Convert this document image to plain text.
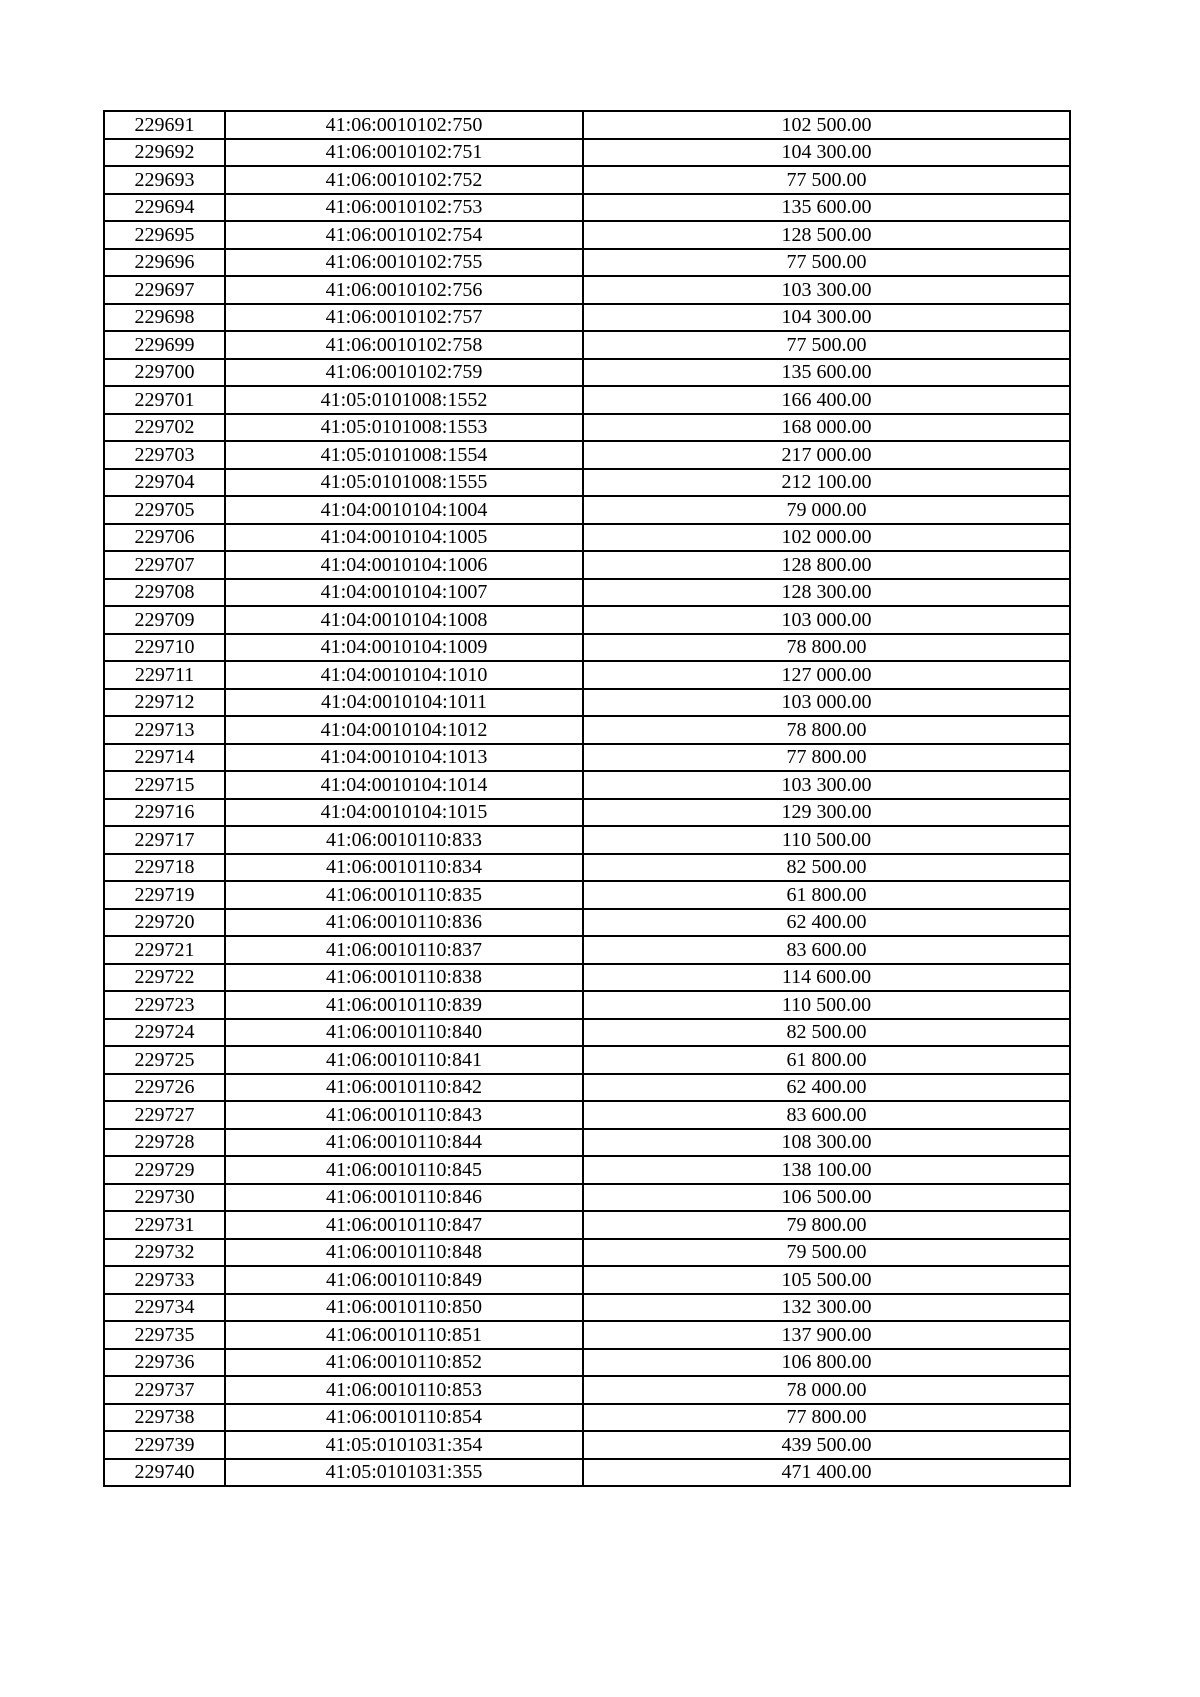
229691	41:06:0010102:750	102 500.00
229692	41:06:0010102:751	104 300.00
229693	41:06:0010102:752	77 500.00
229694	41:06:0010102:753	135 600.00
229695	41:06:0010102:754	128 500.00
229696	41:06:0010102:755	77 500.00
229697	41:06:0010102:756	103 300.00
229698	41:06:0010102:757	104 300.00
229699	41:06:0010102:758	77 500.00
229700	41:06:0010102:759	135 600.00
229701	41:05:0101008:1552	166 400.00
229702	41:05:0101008:1553	168 000.00
229703	41:05:0101008:1554	217 000.00
229704	41:05:0101008:1555	212 100.00
229705	41:04:0010104:1004	79 000.00
229706	41:04:0010104:1005	102 000.00
229707	41:04:0010104:1006	128 800.00
229708	41:04:0010104:1007	128 300.00
229709	41:04:0010104:1008	103 000.00
229710	41:04:0010104:1009	78 800.00
229711	41:04:0010104:1010	127 000.00
229712	41:04:0010104:1011	103 000.00
229713	41:04:0010104:1012	78 800.00
229714	41:04:0010104:1013	77 800.00
229715	41:04:0010104:1014	103 300.00
229716	41:04:0010104:1015	129 300.00
229717	41:06:0010110:833	110 500.00
229718	41:06:0010110:834	82 500.00
229719	41:06:0010110:835	61 800.00
229720	41:06:0010110:836	62 400.00
229721	41:06:0010110:837	83 600.00
229722	41:06:0010110:838	114 600.00
229723	41:06:0010110:839	110 500.00
229724	41:06:0010110:840	82 500.00
229725	41:06:0010110:841	61 800.00
229726	41:06:0010110:842	62 400.00
229727	41:06:0010110:843	83 600.00
229728	41:06:0010110:844	108 300.00
229729	41:06:0010110:845	138 100.00
229730	41:06:0010110:846	106 500.00
229731	41:06:0010110:847	79 800.00
229732	41:06:0010110:848	79 500.00
229733	41:06:0010110:849	105 500.00
229734	41:06:0010110:850	132 300.00
229735	41:06:0010110:851	137 900.00
229736	41:06:0010110:852	106 800.00
229737	41:06:0010110:853	78 000.00
229738	41:06:0010110:854	77 800.00
229739	41:05:0101031:354	439 500.00
229740	41:05:0101031:355	471 400.00
